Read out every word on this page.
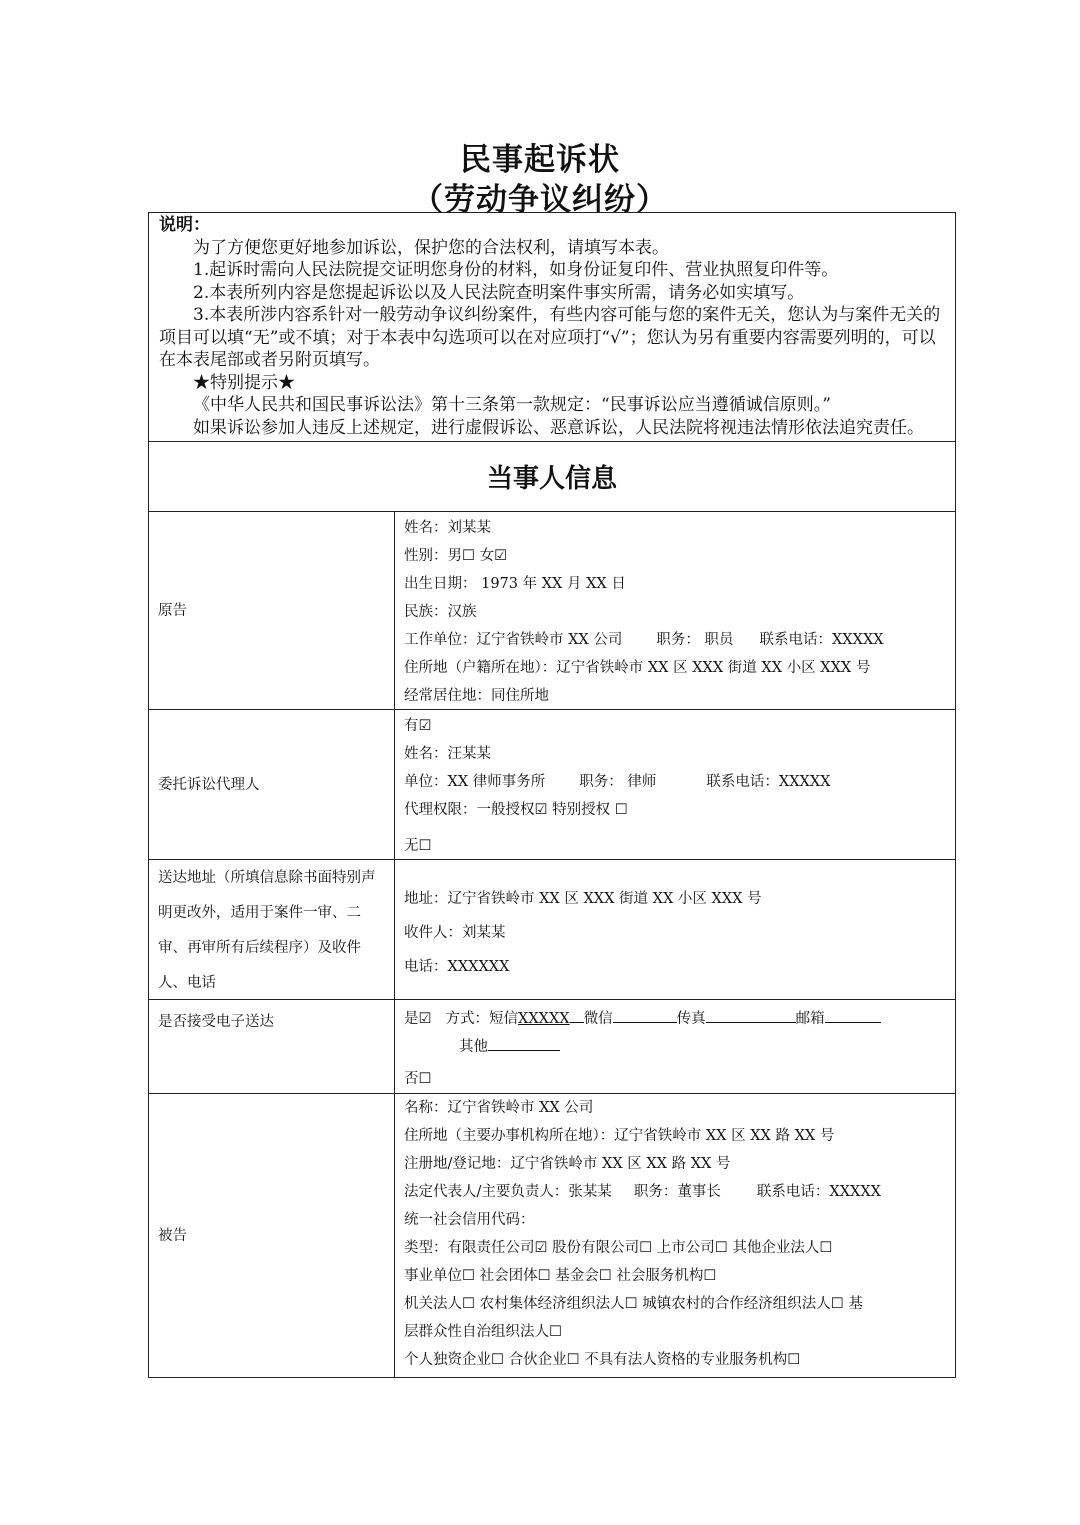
民事起诉状
（劳动争议纠纷）
说明：
为了方便您更好地参加诉讼，保护您的合法权利，请填写本表。
1.起诉时需向人民法院提交证明您身份的材料，如身份证复印件、营业执照复印件等。
2.本表所列内容是您提起诉讼以及人民法院查明案件事实所需，请务必如实填写。
3.本表所涉内容系针对一般劳动争议纠纷案件，有些内容可能与您的案件无关，您认为与案件无关的项目可以填“无”或不填；对于本表中勾选项可以在对应项打“√”；您认为另有重要内容需要列明的，可以在本表尾部或者另附页填写。
★特别提示★
《中华人民共和国民事诉讼法》第十三条第一款规定：“民事诉讼应当遵循诚信原则。”
如果诉讼参加人违反上述规定，进行虚假诉讼、恶意诉讼，人民法院将视违法情形依法追究责任。
当事人信息
原告
姓名：刘某某
性别：男☐ 女☑
出生日期： 1973 年 XX 月 XX 日
民族：汉族
工作单位：辽宁省铁岭市 XX 公司 职务： 职员 联系电话：XXXXX
住所地（户籍所在地）：辽宁省铁岭市 XX 区 XXX 街道 XX 小区 XXX 号
经常居住地：同住所地
委托诉讼代理人
有☑
姓名：汪某某
单位：XX 律师事务所 职务： 律师	联系电话：XXXXX
代理权限：一般授权☑ 特别授权 ☐
无☐
送达地址（所填信息除书面特别声明更改外，适用于案件一审、二审、再审所有后续程序）及收件人、电话
地址：辽宁省铁岭市 XX 区 XXX 街道 XX 小区 XXX 号
收件人：刘某某
电话：XXXXXX
是否接受电子送达	是☑ 方式：短信XXXXX 微信	传真	邮箱
其他
否☐
被告
名称：辽宁省铁岭市 XX 公司
住所地（主要办事机构所在地）：辽宁省铁岭市 XX 区 XX 路 XX 号
注册地/登记地：辽宁省铁岭市 XX 区 XX 路 XX 号
法定代表人/主要负责人：张某某 职务：董事长 联系电话：XXXXX
统一社会信用代码：
类型：有限责任公司☑ 股份有限公司☐ 上市公司☐ 其他企业法人☐
事业单位☐ 社会团体☐ 基金会☐ 社会服务机构☐
机关法人☐ 农村集体经济组织法人☐ 城镇农村的合作经济组织法人☐ 基
层群众性自治组织法人☐
个人独资企业☐ 合伙企业☐ 不具有法人资格的专业服务机构☐
